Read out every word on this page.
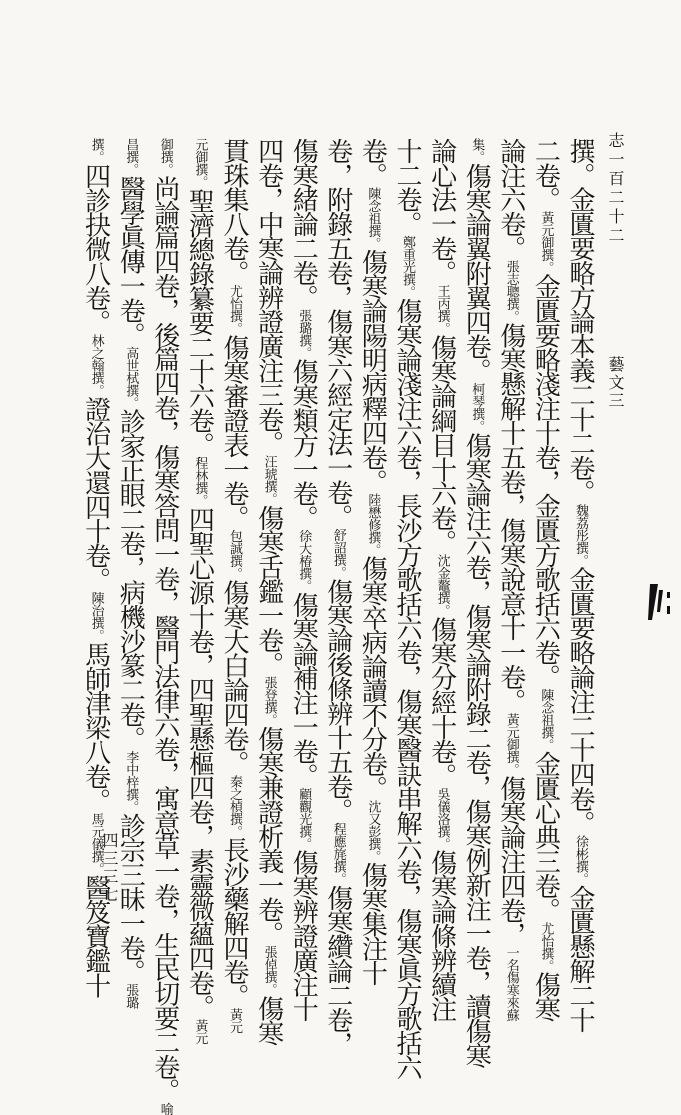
志一百二十二藝文三
撰。金匱要略方論本義二十二卷。魏荔彤撰。金匱要略論注二十四卷。徐彬撰。金匱懸解二十
二卷。黃元御撰。金匱要略淺注十卷，金匱方歌括六卷。陳念祖撰。金匱心典三卷。尤怡撰。傷寒
論注六卷。張志聰撰。傷寒懸解十五卷，傷寒說意十一卷。黃元御撰。傷寒論注四卷，一名傷寒來蘇
集。傷寒論翼附翼四卷。柯琴撰。傷寒論注六卷，傷寒論附錄二卷，傷寒例新注一卷，讀傷寒
論心法一卷。王丙撰。傷寒論綱目十六卷。沈金鼇撰。傷寒分經十卷。吳儀洛撰。傷寒論條辨續注
十二卷。鄭重光撰。傷寒論淺注六卷，長沙方歌括六卷，傷寒醫訣串解六卷，傷寒眞方歌括六
卷。陳念祖撰。傷寒論陽明病釋四卷。陸懋修撰。傷寒卒病論讀不分卷。沈又彭撰。傷寒集注十
卷，附錄五卷，傷寒六經定法一卷。舒詔撰。傷寒論後條辨十五卷。程應旄撰。傷寒纘論二卷，
傷寒緒論二卷。張璐撰。傷寒類方一卷。徐大椿撰。傷寒論補注一卷。顧觀光撰。傷寒辨證廣注十
四卷，中寒論辨證廣注三卷。汪琥撰。傷寒舌鑑一卷。張登撰。傷寒兼證析義一卷。張倬撰。傷寒
貫珠集八卷。尤怡撰。傷寒審證表一卷。包誠撰。傷寒大白論四卷。秦之楨撰。長沙藥解四卷。黃元
元御撰。聖濟總錄纂要二十六卷。程林撰。四聖心源十卷，四聖懸樞四卷，素靈微蘊四卷。黃元
御撰。尚論篇四卷，後篇四卷，傷寒答問一卷，醫門法律六卷，寓意草一卷，生民切要二卷。喻
昌撰。醫學眞傳一卷。高世栻撰。診家正眼二卷，病機沙篆二卷。李中梓撰。診宗三昧一卷。張璐
撰。四診抉微八卷。林之翰撰。證治大還四十卷。陳治撰。馬師津梁八卷。馬元儀撰。醫笈寶鑑十
四三三七
